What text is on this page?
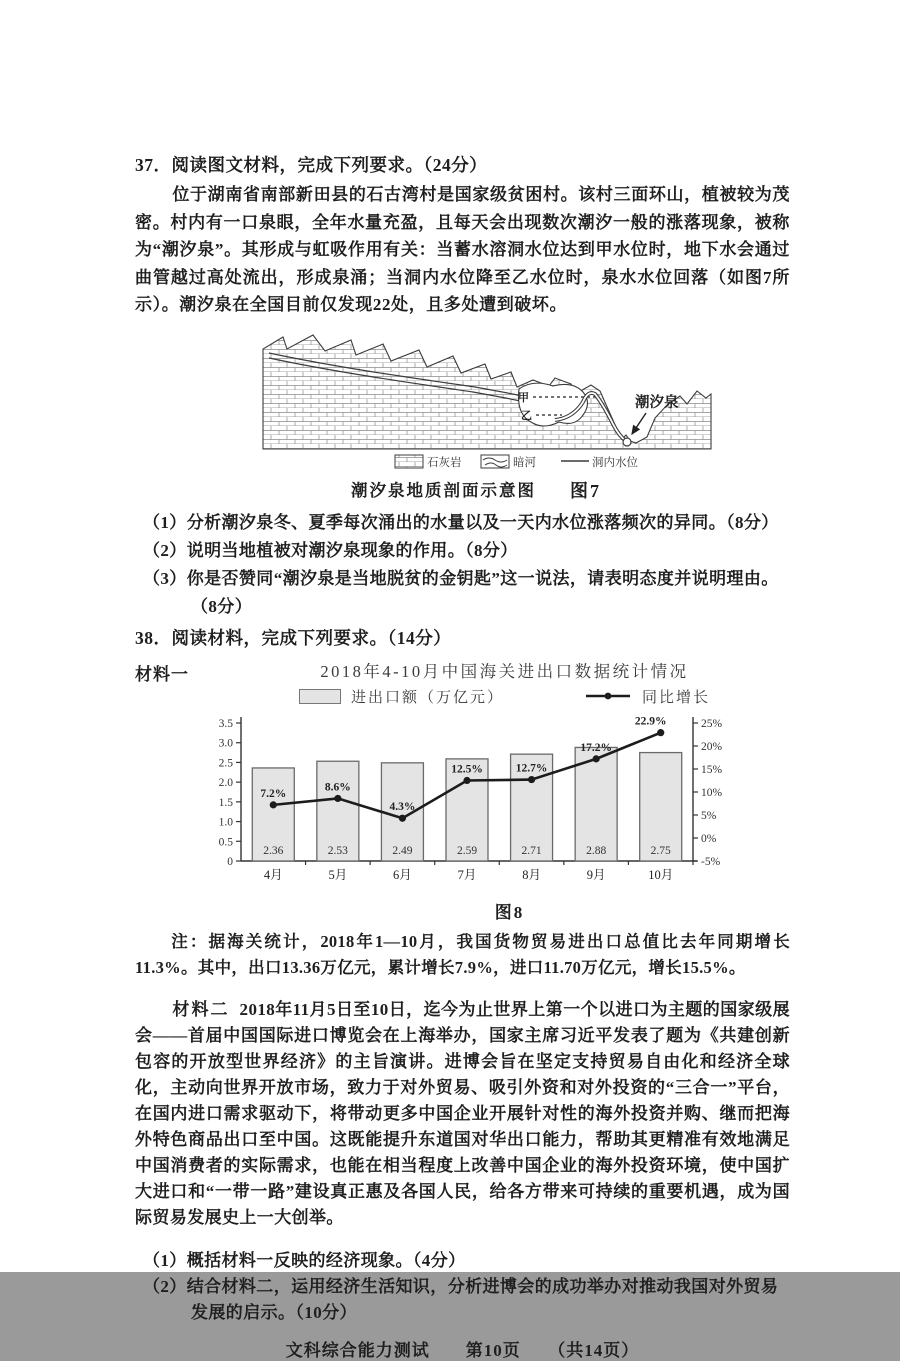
37．阅读图文材料，完成下列要求。（24分）

位于湖南省南部新田县的石古湾村是国家级贫困村。该村三面环山，植被较为茂密。村内有一口泉眼，全年水量充盈，且每天会出现数次潮汐一般的涨落现象，被称为“潮汐泉”。其形成与虹吸作用有关：当蓄水溶洞水位达到甲水位时，地下水会通过曲管越过高处流出，形成泉涌；当洞内水位降至乙水位时，泉水水位回落（如图7所示）。潮汐泉在全国目前仅发现22处，且多处遭到破坏。

甲
乙
潮汐泉
石灰岩	暗河	洞内水位
潮汐泉地质剖面示意图 图7
（1）分析潮汐泉冬、夏季每次涌出的水量以及一天内水位涨落频次的异同。（8分）
（2）说明当地植被对潮汐泉现象的作用。（8分）
（3）你是否赞同“潮汐泉是当地脱贫的金钥匙”这一说法，请表明态度并说明理由。（8分）
38．阅读材料，完成下列要求。（14分）
材料一	2018年4-10月中国海关进出口数据统计情况
进出口额（万亿元）	同比增长
0
0.5
1.0
1.5
2.0
2.5
3.0
3.5
-5%
0%
5%
10%
15%
20%
25%
2.36
4月
2.53
5月
2.49
6月
2.59
7月
2.71
8月
2.88
9月
2.75
10月
7.2%
8.6%
4.3%
12.5%	12.7%
17.2%
22.9%
图8

注：据海关统计，2018年1—10月，我国货物贸易进出口总值比去年同期增长11.3%。其中，出口13.36万亿元，累计增长7.9%，进口11.70万亿元，增长15.5%。

材料二 2018年11月5日至10日，迄今为止世界上第一个以进口为主题的国家级展会——首届中国国际进口博览会在上海举办，国家主席习近平发表了题为《共建创新包容的开放型世界经济》的主旨演讲。进博会旨在坚定支持贸易自由化和经济全球化，主动向世界开放市场，致力于对外贸易、吸引外资和对外投资的“三合一”平台，在国内进口需求驱动下，将带动更多中国企业开展针对性的海外投资并购、继而把海外特色商品出口至中国。这既能提升东道国对华出口能力，帮助其更精准有效地满足中国消费者的实际需求，也能在相当程度上改善中国企业的海外投资环境，使中国扩大进口和“一带一路”建设真正惠及各国人民，给各方带来可持续的重要机遇，成为国际贸易发展史上一大创举。

（1）概括材料一反映的经济现象。（4分）
（2）结合材料二，运用经济生活知识，分析进博会的成功举办对推动我国对外贸易发展的启示。（10分）
文科综合能力测试　　第10页　　（共14页）
